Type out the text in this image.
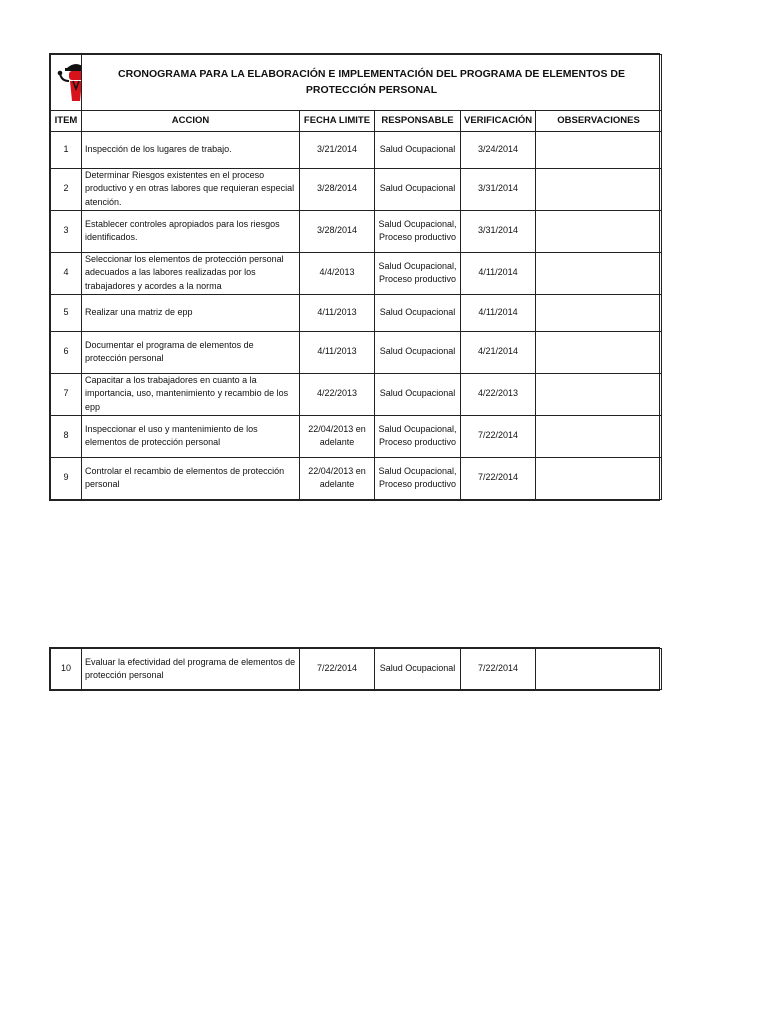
	CRONOGRAMA PARA LA ELABORACIÓN E IMPLEMENTACIÓN DEL PROGRAMA DE ELEMENTOS DE PROTECCIÓN PERSONAL				
ITEM	ACCION	FECHA LIMITE	RESPONSABLE	VERIFICACIÓN	OBSERVACIONES
1	Inspección de los lugares de trabajo.	3/21/2014	Salud Ocupacional	3/24/2014	
2	Determinar Riesgos existentes en el proceso productivo y en otras labores que requieran especial atención.	3/28/2014	Salud Ocupacional	3/31/2014	
3	Establecer controles apropiados para los riesgos identificados.	3/28/2014	Salud Ocupacional, Proceso productivo	3/31/2014	
4	Seleccionar los elementos de protección personal adecuados a las labores realizadas por los trabajadores y acordes a la norma	4/4/2013	Salud Ocupacional, Proceso productivo	4/11/2014	
5	Realizar una matriz de epp	4/11/2013	Salud Ocupacional	4/11/2014	
6	Documentar el programa de elementos de protección personal	4/11/2013	Salud Ocupacional	4/21/2014	
7	Capacitar a los trabajadores en cuanto a la importancia, uso, mantenimiento y recambio de los epp	4/22/2013	Salud Ocupacional	4/22/2013	
8	Inspeccionar el uso y mantenimiento de los elementos de protección personal	22/04/2013 en adelante	Salud Ocupacional, Proceso productivo	7/22/2014	
9	Controlar el recambio de elementos de protección personal	22/04/2013 en adelante	Salud Ocupacional, Proceso productivo	7/22/2014	
10	Evaluar la efectividad del programa de elementos de protección personal	7/22/2014	Salud Ocupacional	7/22/2014	
